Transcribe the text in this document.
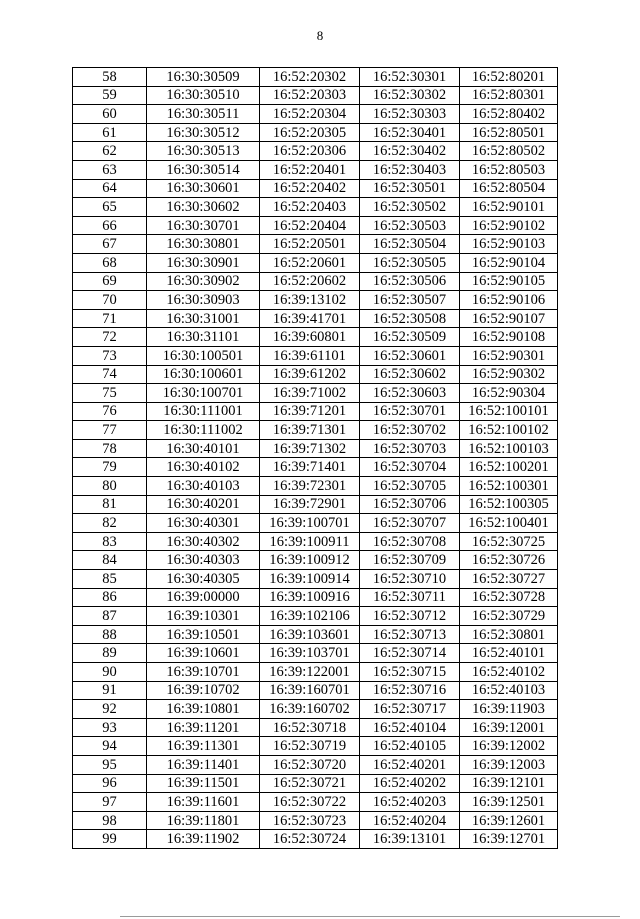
8
58	16:30:30509	16:52:20302	16:52:30301	16:52:80201
59	16:30:30510	16:52:20303	16:52:30302	16:52:80301
60	16:30:30511	16:52:20304	16:52:30303	16:52:80402
61	16:30:30512	16:52:20305	16:52:30401	16:52:80501
62	16:30:30513	16:52:20306	16:52:30402	16:52:80502
63	16:30:30514	16:52:20401	16:52:30403	16:52:80503
64	16:30:30601	16:52:20402	16:52:30501	16:52:80504
65	16:30:30602	16:52:20403	16:52:30502	16:52:90101
66	16:30:30701	16:52:20404	16:52:30503	16:52:90102
67	16:30:30801	16:52:20501	16:52:30504	16:52:90103
68	16:30:30901	16:52:20601	16:52:30505	16:52:90104
69	16:30:30902	16:52:20602	16:52:30506	16:52:90105
70	16:30:30903	16:39:13102	16:52:30507	16:52:90106
71	16:30:31001	16:39:41701	16:52:30508	16:52:90107
72	16:30:31101	16:39:60801	16:52:30509	16:52:90108
73	16:30:100501	16:39:61101	16:52:30601	16:52:90301
74	16:30:100601	16:39:61202	16:52:30602	16:52:90302
75	16:30:100701	16:39:71002	16:52:30603	16:52:90304
76	16:30:111001	16:39:71201	16:52:30701	16:52:100101
77	16:30:111002	16:39:71301	16:52:30702	16:52:100102
78	16:30:40101	16:39:71302	16:52:30703	16:52:100103
79	16:30:40102	16:39:71401	16:52:30704	16:52:100201
80	16:30:40103	16:39:72301	16:52:30705	16:52:100301
81	16:30:40201	16:39:72901	16:52:30706	16:52:100305
82	16:30:40301	16:39:100701	16:52:30707	16:52:100401
83	16:30:40302	16:39:100911	16:52:30708	16:52:30725
84	16:30:40303	16:39:100912	16:52:30709	16:52:30726
85	16:30:40305	16:39:100914	16:52:30710	16:52:30727
86	16:39:00000	16:39:100916	16:52:30711	16:52:30728
87	16:39:10301	16:39:102106	16:52:30712	16:52:30729
88	16:39:10501	16:39:103601	16:52:30713	16:52:30801
89	16:39:10601	16:39:103701	16:52:30714	16:52:40101
90	16:39:10701	16:39:122001	16:52:30715	16:52:40102
91	16:39:10702	16:39:160701	16:52:30716	16:52:40103
92	16:39:10801	16:39:160702	16:52:30717	16:39:11903
93	16:39:11201	16:52:30718	16:52:40104	16:39:12001
94	16:39:11301	16:52:30719	16:52:40105	16:39:12002
95	16:39:11401	16:52:30720	16:52:40201	16:39:12003
96	16:39:11501	16:52:30721	16:52:40202	16:39:12101
97	16:39:11601	16:52:30722	16:52:40203	16:39:12501
98	16:39:11801	16:52:30723	16:52:40204	16:39:12601
99	16:39:11902	16:52:30724	16:39:13101	16:39:12701
